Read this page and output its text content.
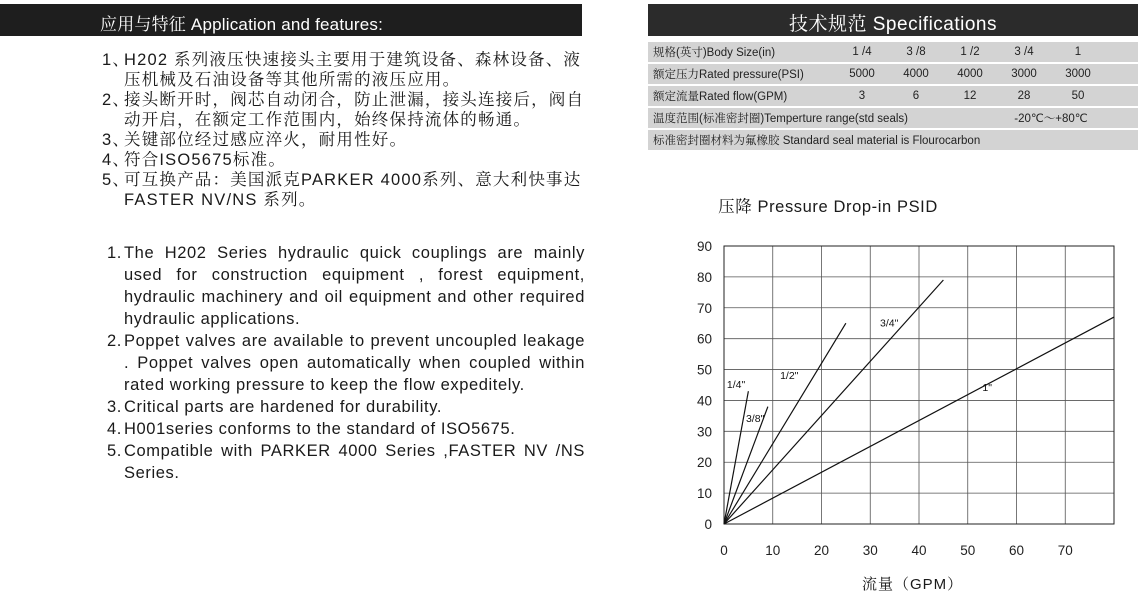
应用与特征 Application and features:
1、
H202 系列液压快速接头主要用于建筑设备、森林设备、液压机械及石油设备等其他所需的液压应用。
2、
接头断开时，阀芯自动闭合，防止泄漏，接头连接后，阀自动开启，在额定工作范围内，始终保持流体的畅通。
3、
关键部位经过感应淬火，耐用性好。
4、
符合ISO5675标准。
5、
可互换产品：美国派克PARKER 4000系列、意大利快事达FASTER NV/NS 系列。
1. The H202 Series hydraulic quick couplings are mainly used for construction equipment , forest equipment, hydraulic machinery and oil equipment and other required hydraulic applications.
2. Poppet valves are available to prevent uncoupled leakage . Poppet valves open automatically when coupled within rated working pressure to keep the flow expeditely.
3. Critical parts are hardened for durability.
4. H001series conforms to the standard of ISO5675.
5. Compatible with PARKER 4000 Series ,FASTER NV /NS Series.
技术规范 Specifications
规格(英寸)Body Size(in)	1 /4	3 /8	1 /2	3 /4	1	
额定压力Rated pressure(PSI)	5000	4000	4000	3000	3000	
额定流量Rated flow(GPM)	3	6	12	28	50	
温度范围(标准密封圈)Temperture range(std seals)				-20℃～+80℃		
标准密封圈材料为氟橡胶 Standard seal material is Flourocarbon						
压降 Pressure Drop-in PSID
0
10
20
30
40
50
60
70
80
90
0	10 20 30 40 50 60 70
1/4"
3/8"
1/2"
3/4"
1"
流量（GPM）
